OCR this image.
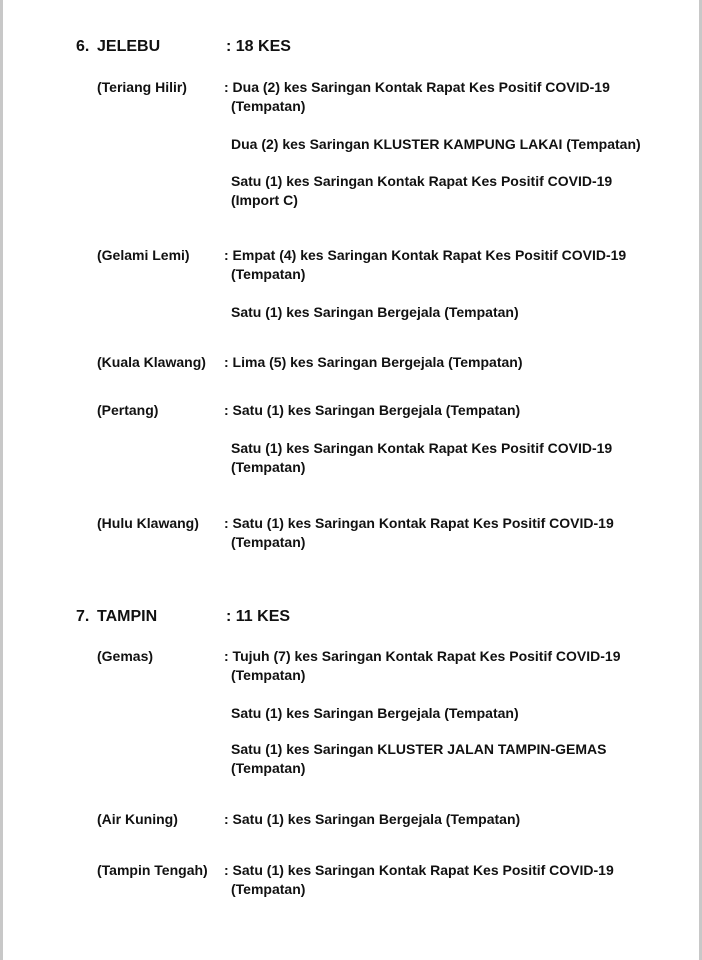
6. JELEBU	: 18 KES
(Teriang Hilir)	: Dua (2) kes Saringan Kontak Rapat Kes Positif COVID-19 (Tempatan)
Dua (2) kes Saringan KLUSTER KAMPUNG LAKAI (Tempatan)
Satu (1) kes Saringan Kontak Rapat Kes Positif COVID-19 (Import C)
(Gelami Lemi) : Empat (4) kes Saringan Kontak Rapat Kes Positif COVID-19 (Tempatan)
Satu (1) kes Saringan Bergejala (Tempatan)
(Kuala Klawang) : Lima (5) kes Saringan Bergejala (Tempatan)
(Pertang)	: Satu (1) kes Saringan Bergejala (Tempatan)
Satu (1) kes Saringan Kontak Rapat Kes Positif COVID-19 (Tempatan)
(Hulu Klawang) : Satu (1) kes Saringan Kontak Rapat Kes Positif COVID-19 (Tempatan)
7. TAMPIN	: 11 KES
(Gemas)	: Tujuh (7) kes Saringan Kontak Rapat Kes Positif COVID-19 (Tempatan)
Satu (1) kes Saringan Bergejala (Tempatan)
Satu (1) kes Saringan KLUSTER JALAN TAMPIN-GEMAS (Tempatan)
(Air Kuning)	: Satu (1) kes Saringan Bergejala (Tempatan)
(Tampin Tengah) : Satu (1) kes Saringan Kontak Rapat Kes Positif COVID-19 (Tempatan)
